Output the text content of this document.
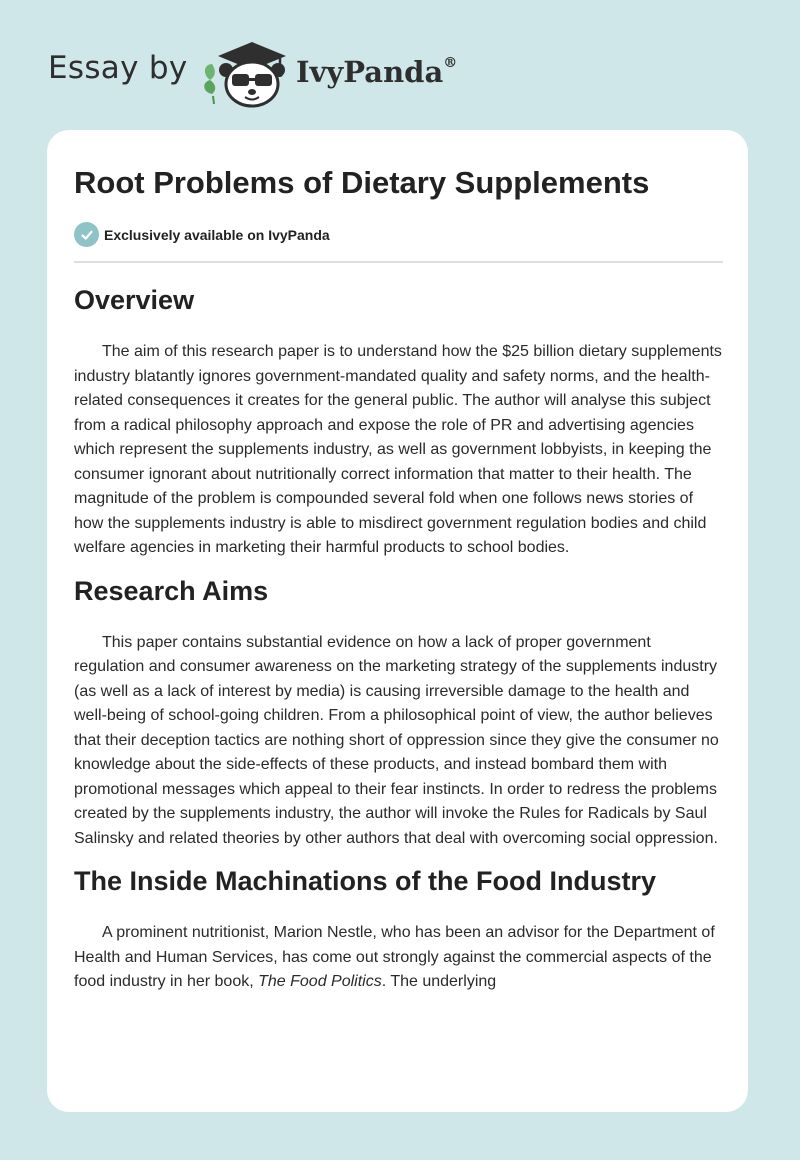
Essay by	IvyPanda®
Root Problems of Dietary Supplements
Exclusively available on IvyPanda
Overview

The aim of this research paper is to understand how the $25 billion dietary supplements industry blatantly ignores government-mandated quality and safety norms, and the health-related consequences it creates for the general public. The author will analyse this subject from a radical philosophy approach and expose the role of PR and advertising agencies which represent the supplements industry, as well as government lobbyists, in keeping the consumer ignorant about nutritionally correct information that matter to their health. The magnitude of the problem is compounded several fold when one follows news stories of how the supplements industry is able to misdirect government regulation bodies and child welfare agencies in marketing their harmful products to school bodies.

Research Aims

This paper contains substantial evidence on how a lack of proper government regulation and consumer awareness on the marketing strategy of the supplements industry (as well as a lack of interest by media) is causing irreversible damage to the health and well-being of school-going children. From a philosophical point of view, the author believes that their deception tactics are nothing short of oppression since they give the consumer no knowledge about the side-effects of these products, and instead bombard them with promotional messages which appeal to their fear instincts. In order to redress the problems created by the supplements industry, the author will invoke the Rules for Radicals by Saul Salinsky and related theories by other authors that deal with overcoming social oppression.

The Inside Machinations of the Food Industry

A prominent nutritionist, Marion Nestle, who has been an advisor for the Department of Health and Human Services, has come out strongly against the commercial aspects of the food industry in her book, The Food Politics. The underlying
